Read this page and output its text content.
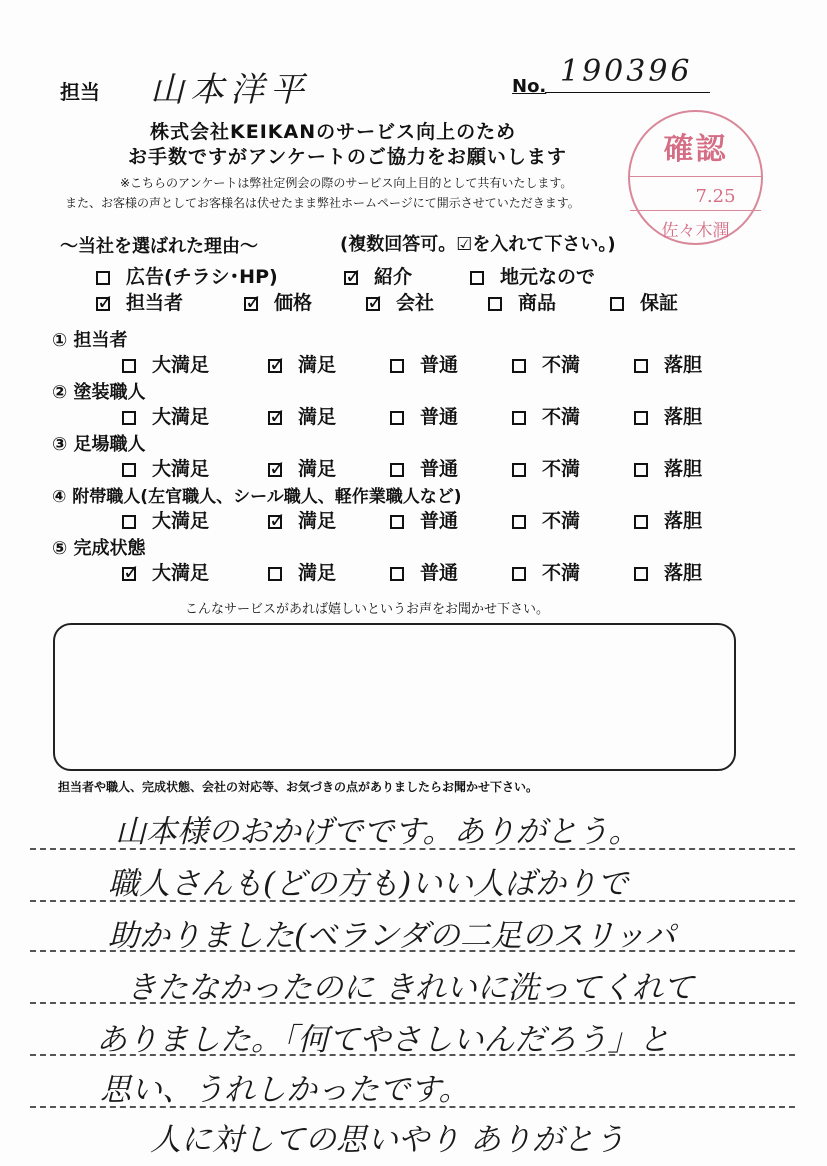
担当 山本洋平	No. 190396
株式会社KEIKANのサービス向上のため
お手数ですがアンケートのご協力をお願いします
※こちらのアンケートは弊社定例会の際のサービス向上目的として共有いたします。
また、お客様の声としてお客様名は伏せたまま弊社ホームページにて開示させていただきます。
確認
7.25
佐々木潤
～当社を選ばれた理由～	(複数回答可。☑を入れて下さい。)
広告(チラシ･HP) ✓	紹介	地元なので
✓担当者 ✓	価格 ✓	会社	商品	保証
① 担当者
大満足 ✓	満足	普通	不満	落胆
② 塗装職人
大満足 ✓	満足	普通	不満	落胆
③ 足場職人
大満足 ✓	満足	普通	不満	落胆
④ 附帯職人(左官職人、シール職人、軽作業職人など)
大満足 ✓	満足	普通	不満	落胆
⑤ 完成状態
✓大満足	満足	普通	不満	落胆
こんなサービスがあれば嬉しいというお声をお聞かせ下さい。
担当者や職人、完成状態、会社の対応等、お気づきの点がありましたらお聞かせ下さい。
山本様のおかげでです。ありがとう。
職人さんも(どの方も)いい人ばかりで
助かりました(ベランダの二足のスリッパ
きたなかったのに きれいに洗ってくれて
ありました。「何てやさしいんだろう」と
思い、うれしかったです。
人に対しての思いやり ありがとう
